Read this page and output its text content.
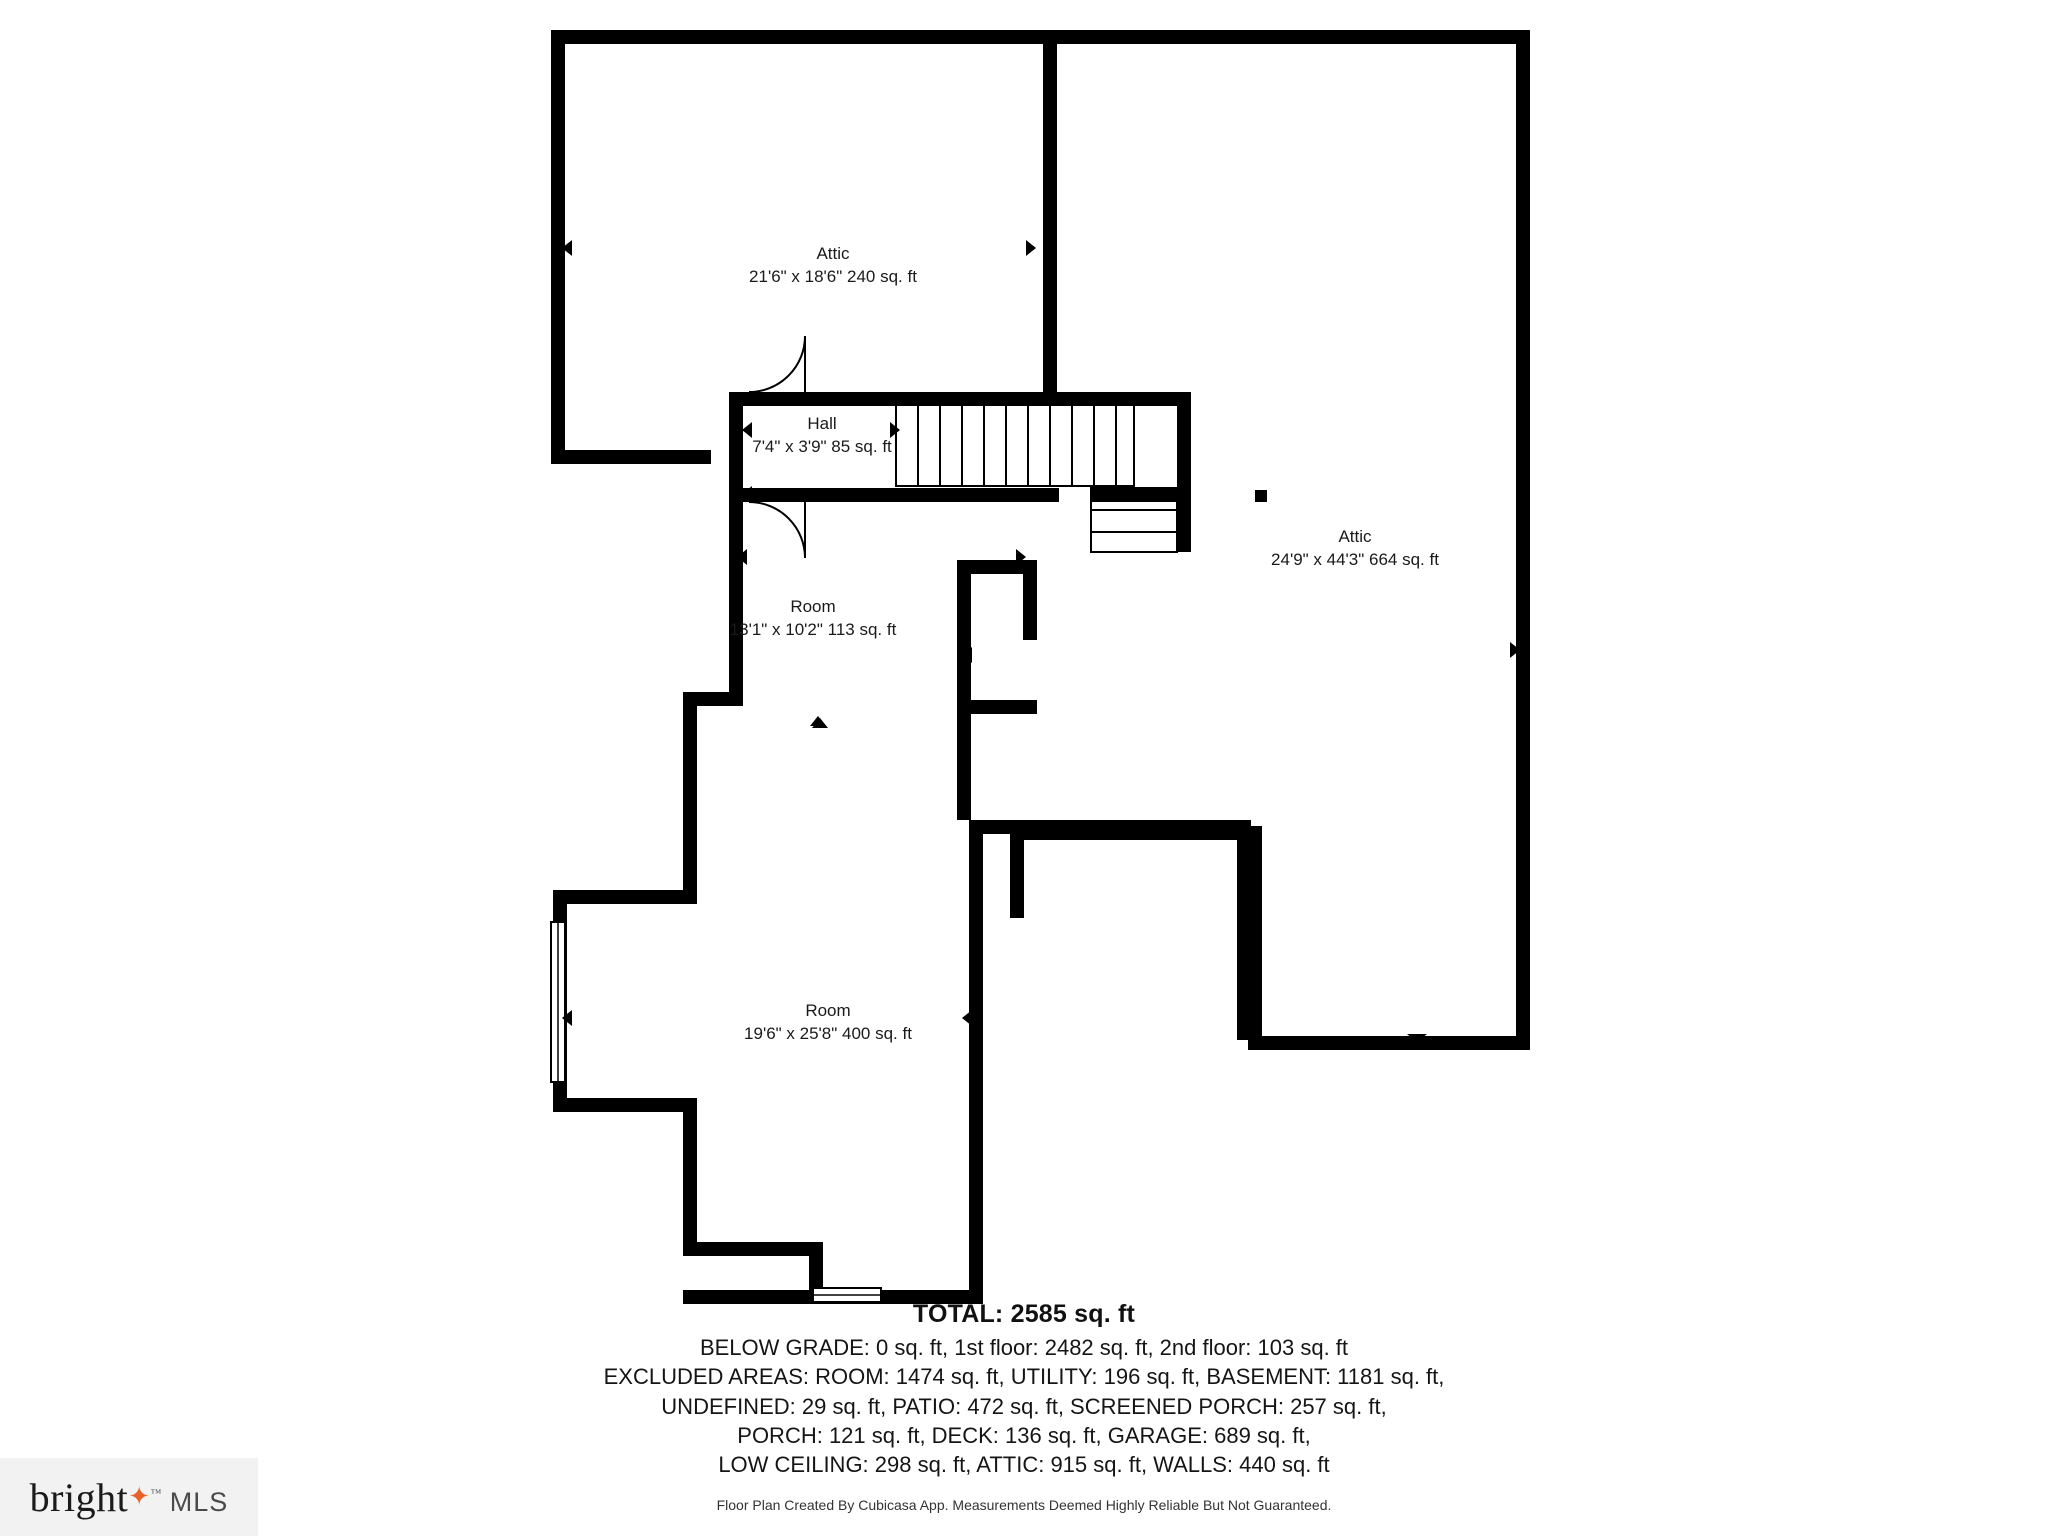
Attic
21'6" x 18'6" 240 sq. ft
Hall
7'4" x 3'9" 85 sq. ft
Attic
24'9" x 44'3" 664 sq. ft
Room
13'1" x 10'2" 113 sq. ft
Room
19'6" x 25'8" 400 sq. ft
TOTAL: 2585 sq. ft
BELOW GRADE: 0 sq. ft, 1st floor: 2482 sq. ft, 2nd floor: 103 sq. ft
EXCLUDED AREAS: ROOM: 1474 sq. ft, UTILITY: 196 sq. ft, BASEMENT: 1181 sq. ft,
UNDEFINED: 29 sq. ft, PATIO: 472 sq. ft, SCREENED PORCH: 257 sq. ft,
PORCH: 121 sq. ft, DECK: 136 sq. ft, GARAGE: 689 sq. ft,
LOW CEILING: 298 sq. ft, ATTIC: 915 sq. ft, WALLS: 440 sq. ft
Floor Plan Created By Cubicasa App. Measurements Deemed Highly Reliable But Not Guaranteed.
bright✦™ MLS
